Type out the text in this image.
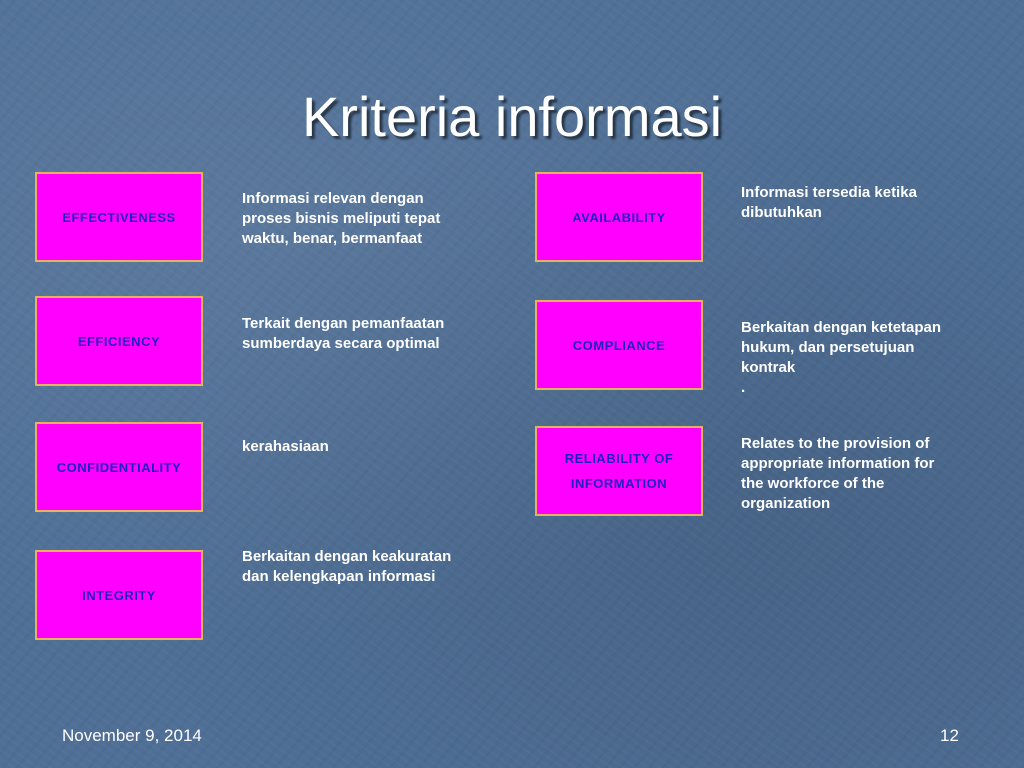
Kriteria informasi
EFFECTIVENESS
Informasi relevan dengan
proses bisnis meliputi tepat
waktu, benar, bermanfaat
EFFICIENCY
Terkait dengan pemanfaatan
sumberdaya secara optimal
CONFIDENTIALITY
kerahasiaan
INTEGRITY
Berkaitan dengan keakuratan
dan kelengkapan informasi
AVAILABILITY
Informasi tersedia ketika
dibutuhkan
COMPLIANCE
Berkaitan dengan ketetapan
hukum, dan persetujuan
kontrak
.
RELIABILITY OF
INFORMATION
Relates to the provision of
appropriate information for
the workforce of the
organization
November 9, 2014	12
